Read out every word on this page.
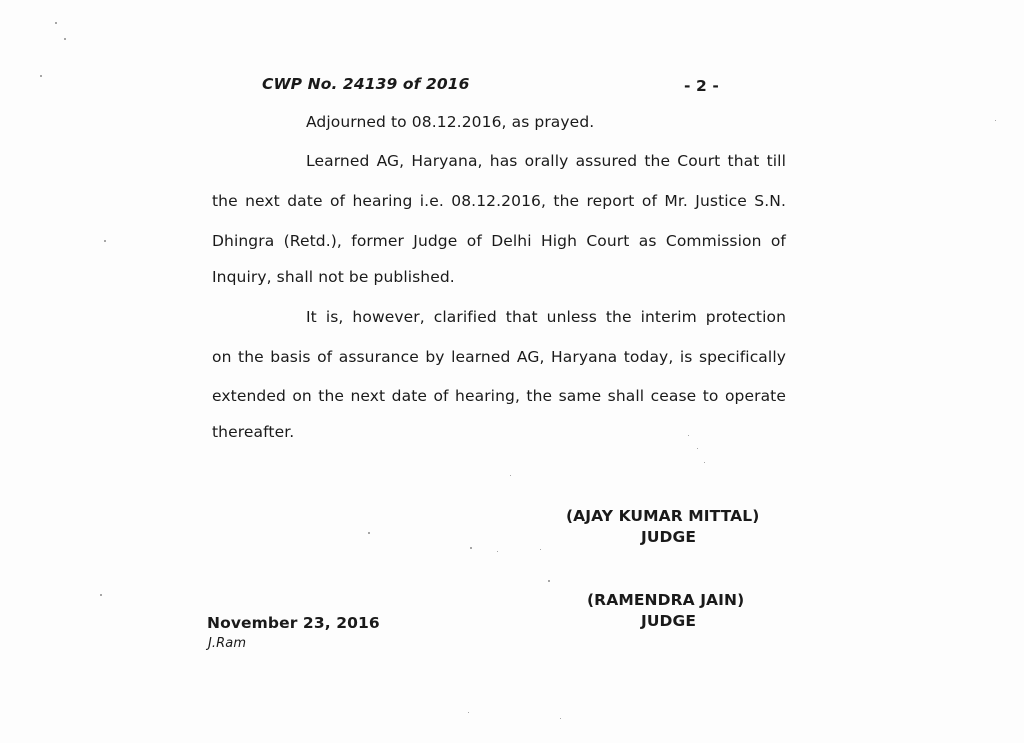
CWP No. 24139 of 2016	- 2 -
Adjourned to 08.12.2016, as prayed.
Learned AG, Haryana, has orally assured the Court that till
the next date of hearing i.e. 08.12.2016, the report of Mr. Justice S.N.
Dhingra (Retd.), former Judge of Delhi High Court as Commission of
Inquiry, shall not be published.
It is, however, clarified that unless the interim protection
on the basis of assurance by learned AG, Haryana today, is specifically
extended on the next date of hearing, the same shall cease to operate
thereafter.
(AJAY KUMAR MITTAL)
JUDGE
(RAMENDRA JAIN)
JUDGE
November 23, 2016
J.Ram
